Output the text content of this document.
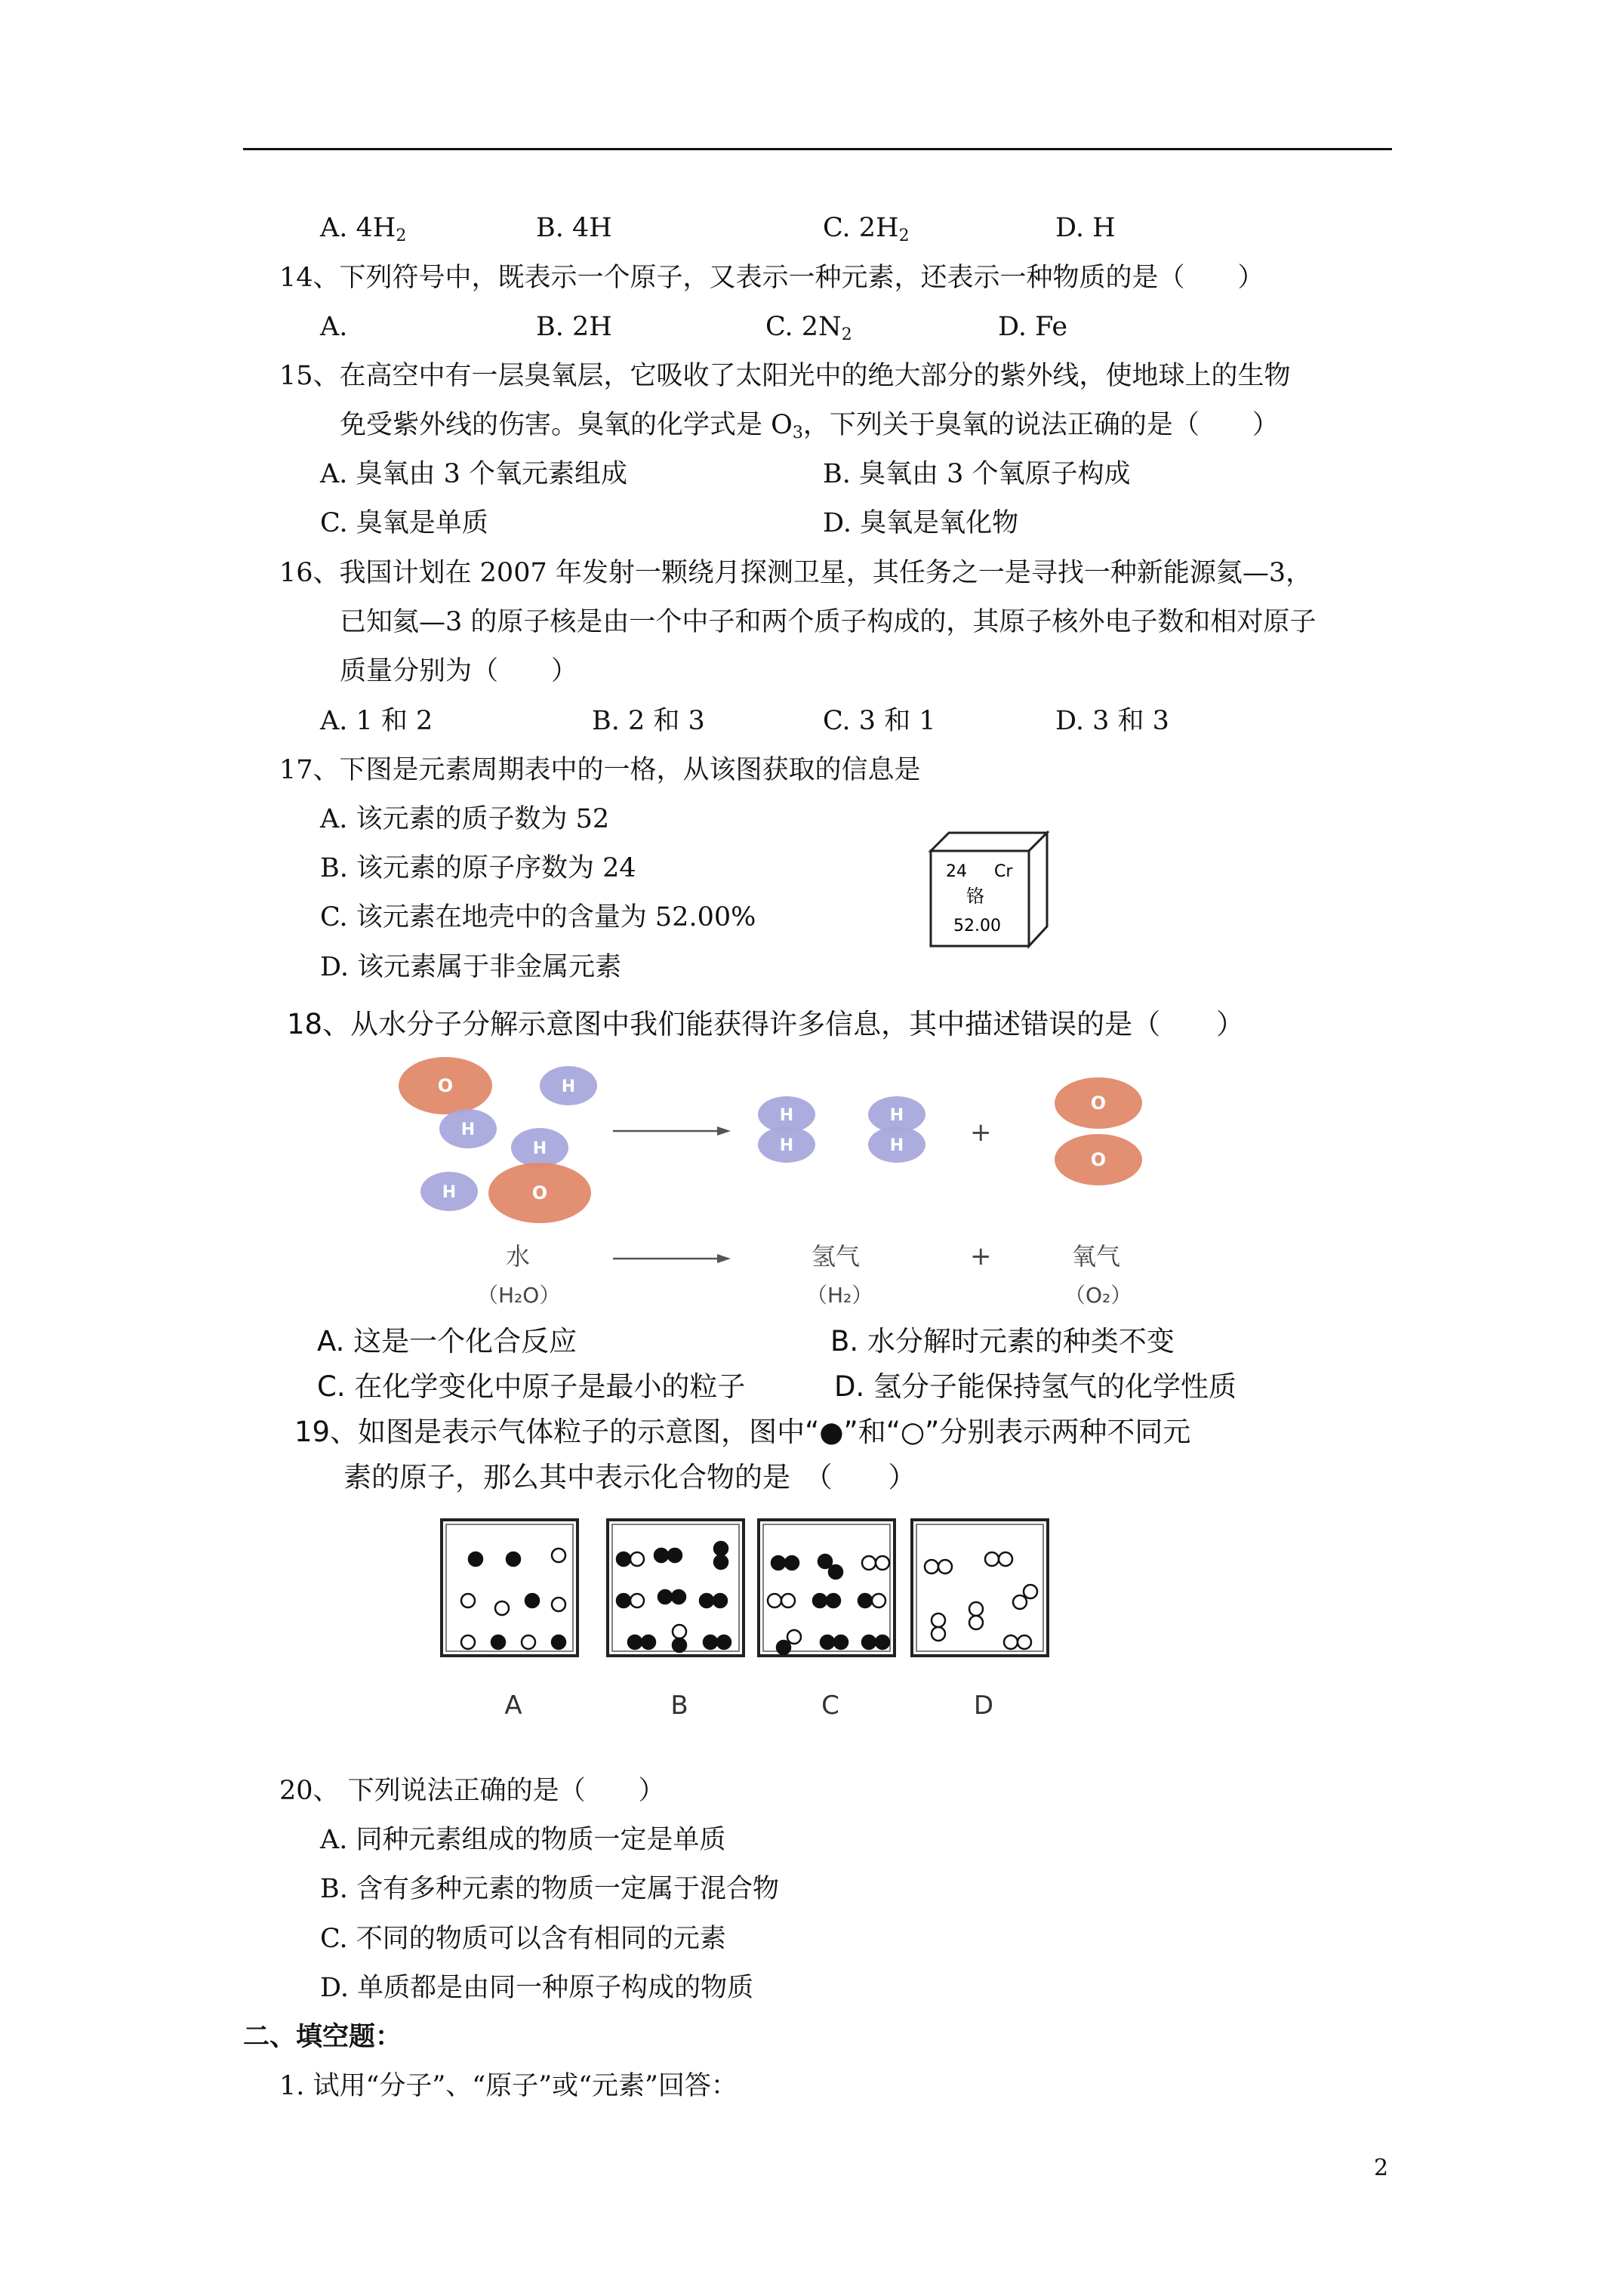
A. $4H_2$	B. 4H	C. $2H_2$	D. H
14、下列符号中，既表示一个原子，又表示一种元素，还表示一种物质的是（　　）
A.	B. 2H	C. $2N_2$	D. Fe
15、在高空中有一层臭氧层，它吸收了太阳光中的绝大部分的紫外线，使地球上的生物
免受紫外线的伤害。臭氧的化学式是 $O_3$，下列关于臭氧的说法正确的是（　　）
A. 臭氧由 3 个氧元素组成	B. 臭氧由 3 个氧原子构成
C. 臭氧是单质	D. 臭氧是氧化物
16、我国计划在 2007 年发射一颗绕月探测卫星，其任务之一是寻找一种新能源氦—3，
已知氦—3 的原子核是由一个中子和两个质子构成的，其原子核外电子数和相对原子
质量分别为（　　）
A. 1 和 2	B. 2 和 3	C. 3 和 1	D. 3 和 3
17、下图是元素周期表中的一格，从该图获取的信息是
A. 该元素的质子数为 52
B. 该元素的原子序数为 24
C. 该元素在地壳中的含量为 52.00%
D. 该元素属于非金属元素
24 Cr
铬
52.00
18、从水分子分解示意图中我们能获得许多信息，其中描述错误的是（　　）
O	H
H
H
H	O
H
H
H
H
O
O
+
+
水
（H₂O）
氢气
（H₂）
氧气
（O₂）
A. 这是一个化合反应	B. 水分解时元素的种类不变
C. 在化学变化中原子是最小的粒子	D. 氢分子能保持氢气的化学性质
19、如图是表示气体粒子的示意图，图中“●”和“○”分别表示两种不同元
素的原子，那么其中表示化合物的是　（　　）
A	B	C	D
20、 下列说法正确的是（　　）
A. 同种元素组成的物质一定是单质
B. 含有多种元素的物质一定属于混合物
C. 不同的物质可以含有相同的元素
D. 单质都是由同一种原子构成的物质
二、填空题：
1. 试用“分子”、“原子”或“元素”回答：
2
